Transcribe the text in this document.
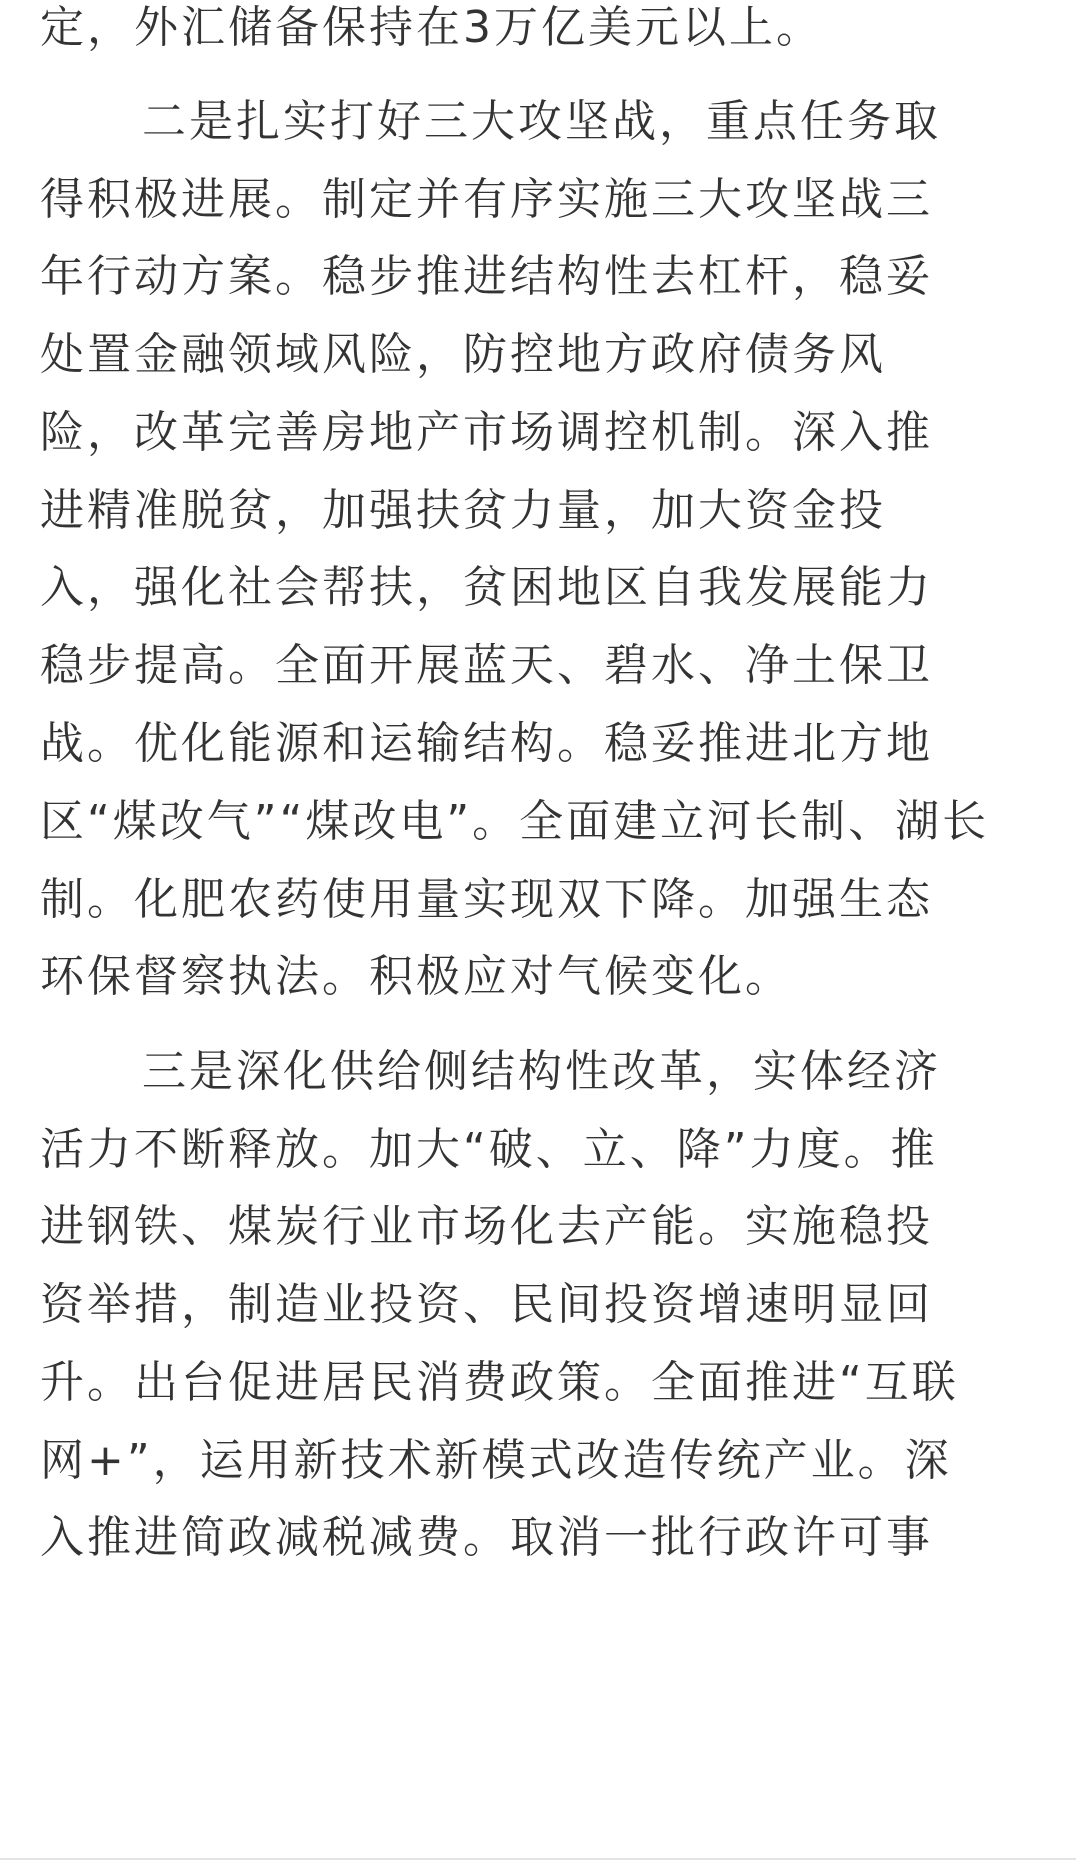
定，外汇储备保持在3万亿美元以上。
二是扎实打好三大攻坚战，重点任务取
得积极进展。制定并有序实施三大攻坚战三
年行动方案。稳步推进结构性去杠杆，稳妥
处置金融领域风险，防控地方政府债务风
险，改革完善房地产市场调控机制。深入推
进精准脱贫，加强扶贫力量，加大资金投
入，强化社会帮扶，贫困地区自我发展能力
稳步提高。全面开展蓝天、碧水、净土保卫
战。优化能源和运输结构。稳妥推进北方地
区“煤改气”“煤改电”。全面建立河长制、湖长
制。化肥农药使用量实现双下降。加强生态
环保督察执法。积极应对气候变化。
三是深化供给侧结构性改革，实体经济
活力不断释放。加大“破、立、降”力度。推
进钢铁、煤炭行业市场化去产能。实施稳投
资举措，制造业投资、民间投资增速明显回
升。出台促进居民消费政策。全面推进“互联
网+”，运用新技术新模式改造传统产业。深
入推进简政减税减费。取消一批行政许可事
